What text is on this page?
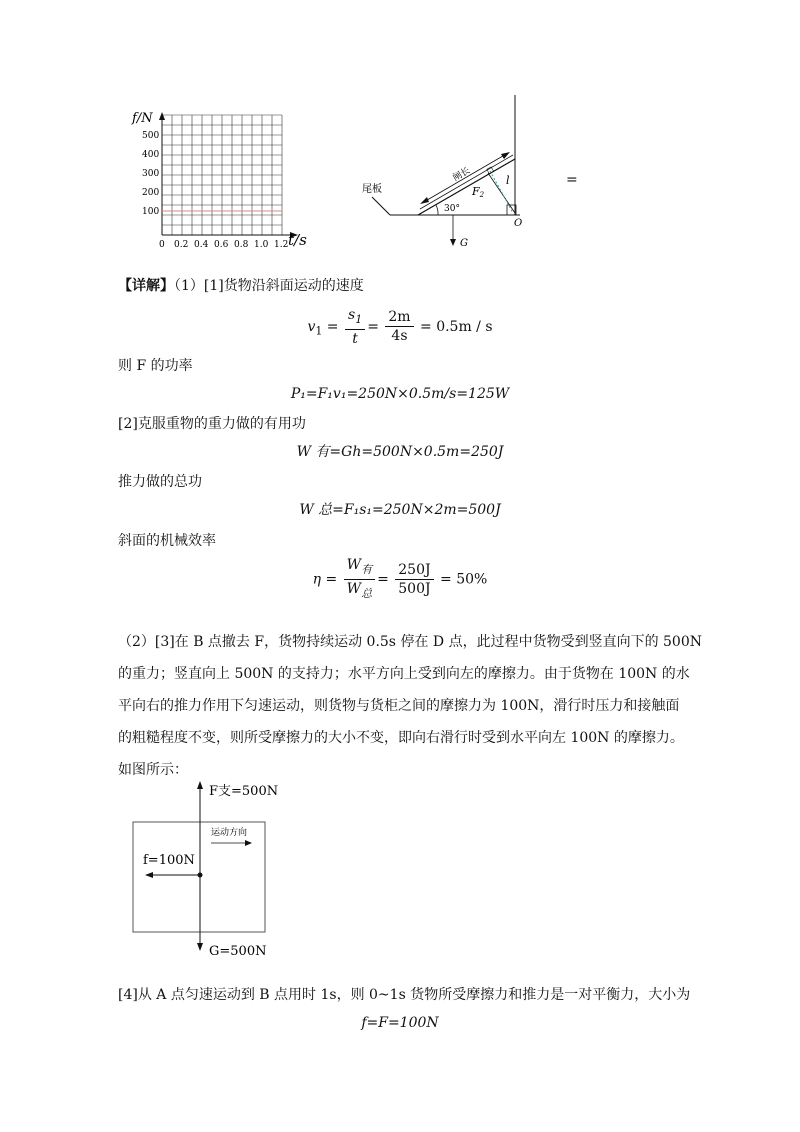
f/N
500
400
300
200
100
0 0.2 0.4 0.6 0.8 1.0 1.2 t/s
尾板
闸长
30°
F2
l
O
G
=
【详解】（1）[1]货物沿斜面运动的速度
$v_1 = \frac{s_1}{t} = \frac{2m}{4s} = 0.5m / s$
则 F 的功率
P₁=F₁v₁=250N×0.5m/s=125W
[2]克服重物的重力做的有用功
W 有=Gh=500N×0.5m=250J
推力做的总功
W 总=F₁s₁=250N×2m=500J
斜面的机械效率
$\eta = \frac{W_有}{W_总} = \frac{250J}{500J} = 50\%$
（2）[3]在 B 点撤去 F，货物持续运动 0.5s 停在 D 点，此过程中货物受到竖直向下的 500N
的重力；竖直向上 500N 的支持力；水平方向上受到向左的摩擦力。由于货物在 100N 的水
平向右的推力作用下匀速运动，则货物与货柜之间的摩擦力为 100N，滑行时压力和接触面
的粗糙程度不变，则所受摩擦力的大小不变，即向右滑行时受到水平向左 100N 的摩擦力。
如图所示：
运动方向
F支=500N
f=100N
G=500N
[4]从 A 点匀速运动到 B 点用时 1s，则 0~1s 货物所受摩擦力和推力是一对平衡力，大小为
f=F=100N
